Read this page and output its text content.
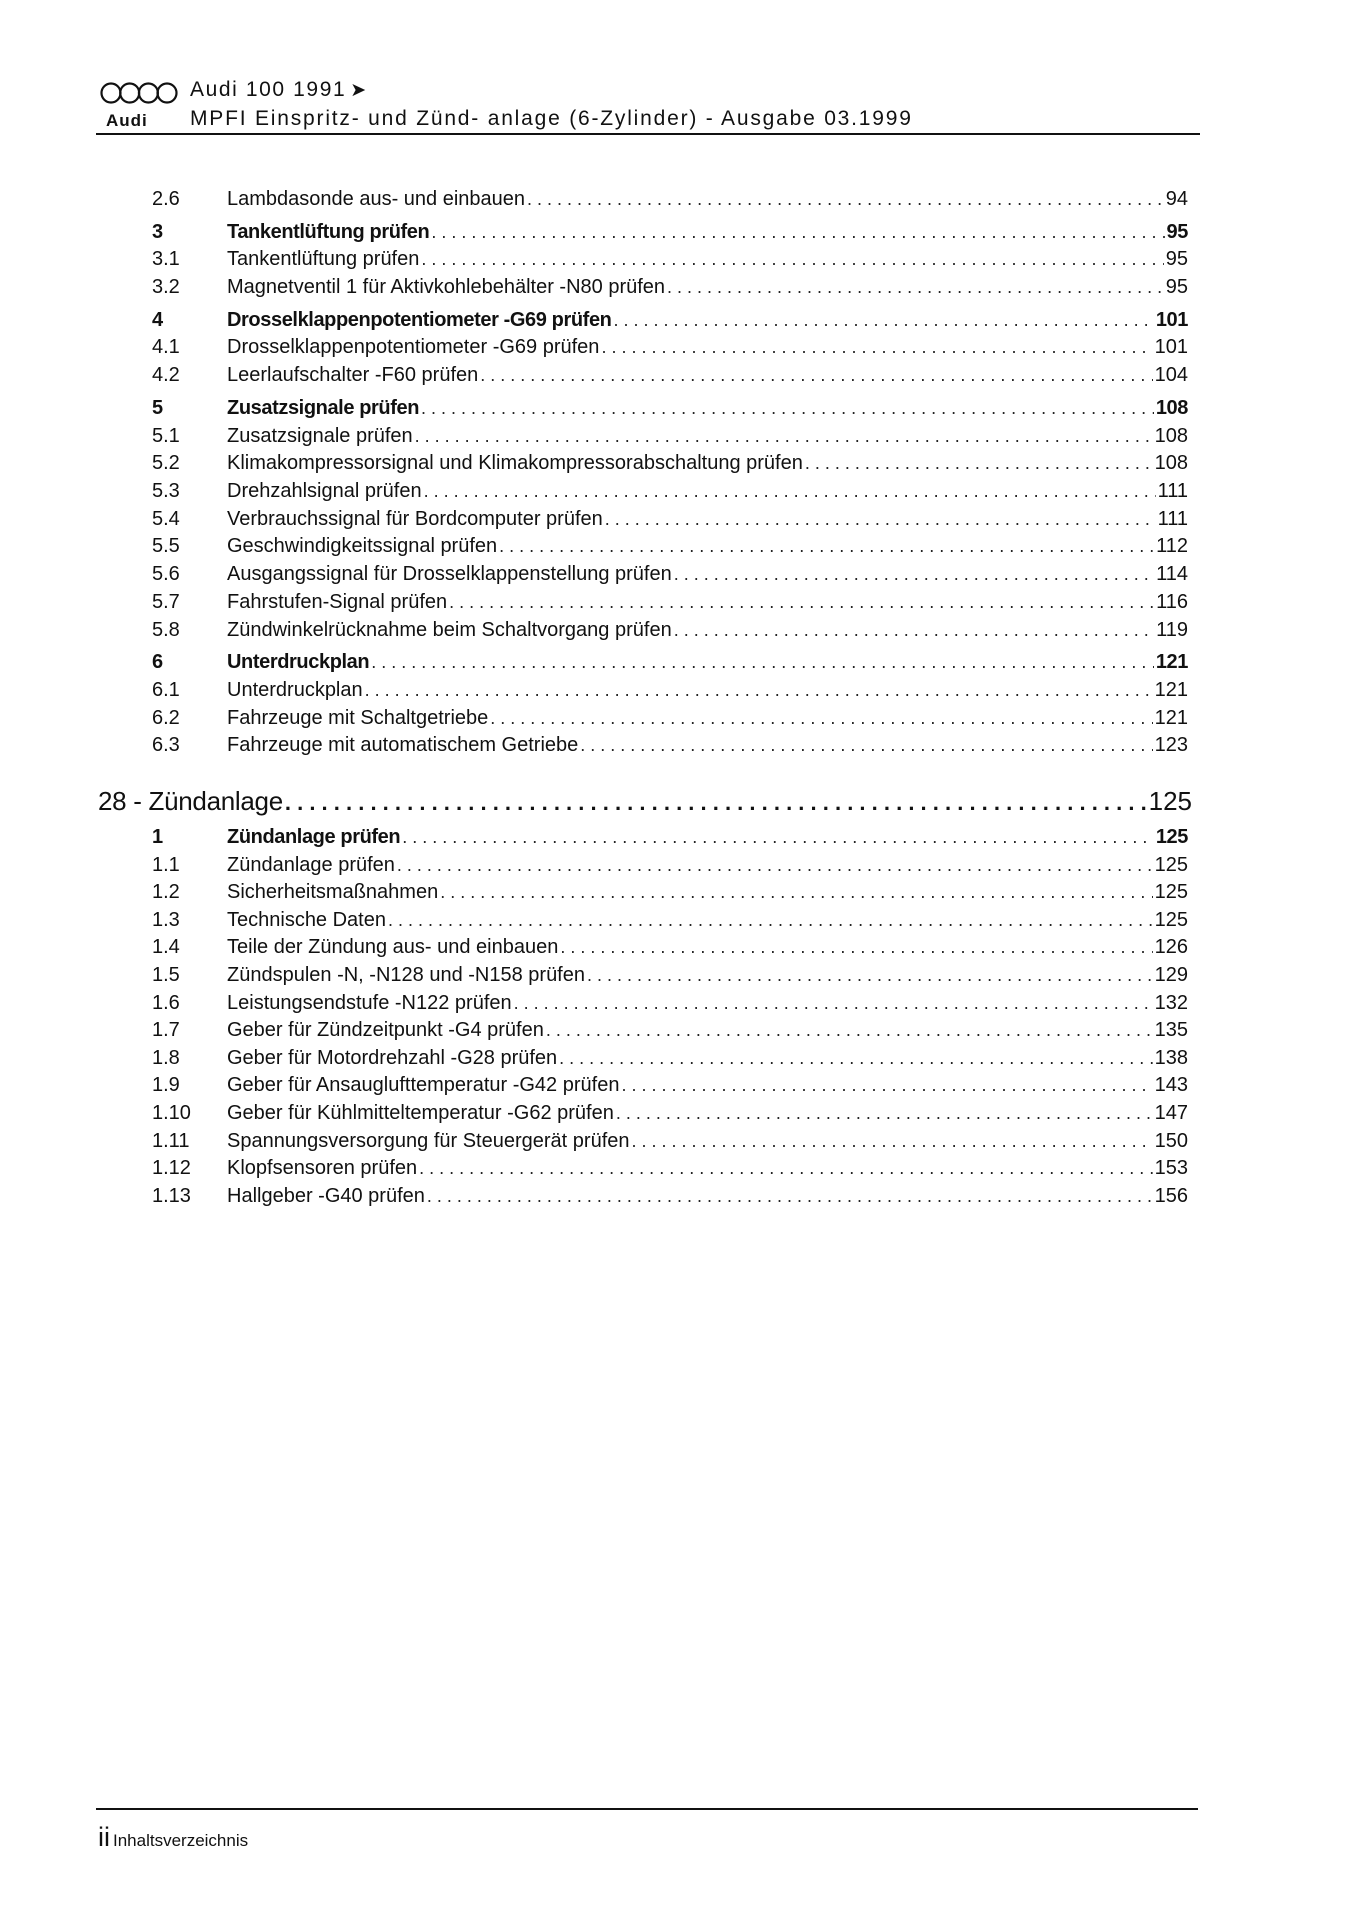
Audi
Audi 100 1991 ➤
MPFI Einspritz- und Zünd- anlage (6-Zylinder) - Ausgabe 03.1999
2.6 Lambdasonde aus- und einbauen . . .	94
3	Tankentlüftung prüfen . . .	95
3.1 Tankentlüftung prüfen . . .	95
3.2 Magnetventil 1 für Aktivkohlebehälter -N80 prüfen . . .	95
4	Drosselklappenpotentiometer -G69 prüfen . . .	101
4.1 Drosselklappenpotentiometer -G69 prüfen . . .	101
4.2 Leerlaufschalter -F60 prüfen . . .	104
5	Zusatzsignale prüfen . . .	108
5.1 Zusatzsignale prüfen . . .	108
5.2 Klimakompressorsignal und Klimakompressorabschaltung prüfen . . .	108
5.3 Drehzahlsignal prüfen . . .	111
5.4 Verbrauchssignal für Bordcomputer prüfen . . .	111
5.5 Geschwindigkeitssignal prüfen . . .	112
5.6 Ausgangssignal für Drosselklappenstellung prüfen . . .	114
5.7 Fahrstufen-Signal prüfen . . .	116
5.8 Zündwinkelrücknahme beim Schaltvorgang prüfen . . .	119
6	Unterdruckplan . . .	121
6.1 Unterdruckplan . . .	121
6.2 Fahrzeuge mit Schaltgetriebe . . .	121
6.3 Fahrzeuge mit automatischem Getriebe . . .	123
28 - Zündanlage . . .	125
1	Zündanlage prüfen . . .	125
1.1 Zündanlage prüfen . . .	125
1.2 Sicherheitsmaßnahmen . . .	125
1.3 Technische Daten . . .	125
1.4 Teile der Zündung aus- und einbauen . . .	126
1.5 Zündspulen -N, -N128 und -N158 prüfen . . .	129
1.6 Leistungsendstufe -N122 prüfen . . .	132
1.7 Geber für Zündzeitpunkt -G4 prüfen . . .	135
1.8 Geber für Motordrehzahl -G28 prüfen . . .	138
1.9 Geber für Ansauglufttemperatur -G42 prüfen . . .	143
1.10 Geber für Kühlmitteltemperatur -G62 prüfen . . .	147
1.11 Spannungsversorgung für Steuergerät prüfen . . .	150
1.12 Klopfsensoren prüfen . . .	153
1.13 Hallgeber -G40 prüfen . . .	156
ii Inhaltsverzeichnis
